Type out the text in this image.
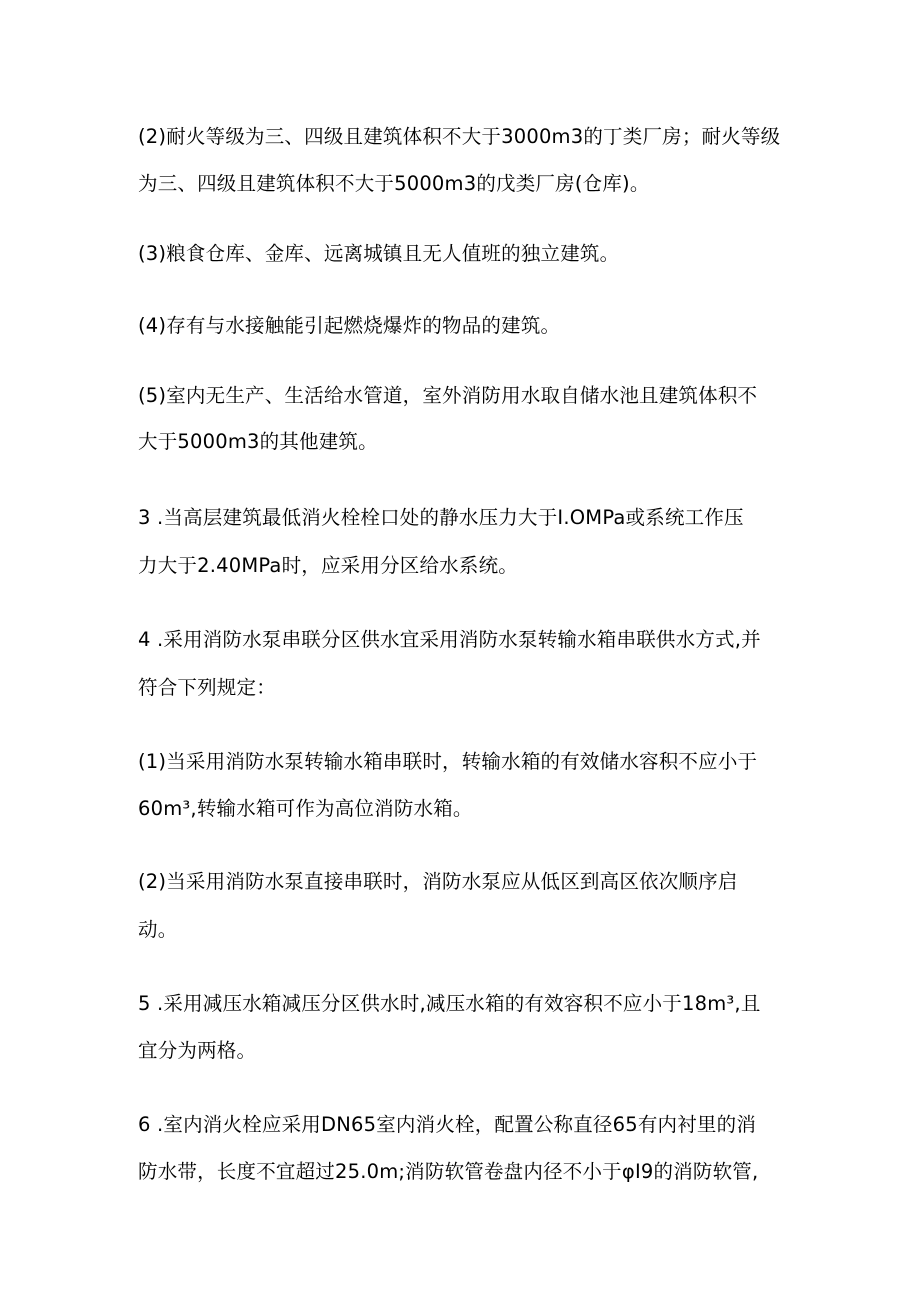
(2)耐火等级为三、四级且建筑体积不大于3000m3的丁类厂房；耐火等级
为三、四级且建筑体积不大于5000m3的戊类厂房(仓库)。
(3)粮食仓库、金库、远离城镇且无人值班的独立建筑。
(4)存有与水接触能引起燃烧爆炸的物品的建筑。
(5)室内无生产、生活给水管道，室外消防用水取自储水池且建筑体积不
大于5000m3的其他建筑。
3 .当高层建筑最低消火栓栓口处的静水压力大于I.OMPa或系统工作压
力大于2.40MPa时，应采用分区给水系统。
4 .采用消防水泵串联分区供水宜采用消防水泵转输水箱串联供水方式,并
符合下列规定：
(1)当采用消防水泵转输水箱串联时，转输水箱的有效储水容积不应小于
60m³,转输水箱可作为高位消防水箱。
(2)当采用消防水泵直接串联时，消防水泵应从低区到高区依次顺序启
动。
5 .采用减压水箱减压分区供水时,减压水箱的有效容积不应小于18m³,且
宜分为两格。
6 .室内消火栓应采用DN65室内消火栓，配置公称直径65有内衬里的消
防水带，长度不宜超过25.0m;消防软管卷盘内径不小于φI9的消防软管,
